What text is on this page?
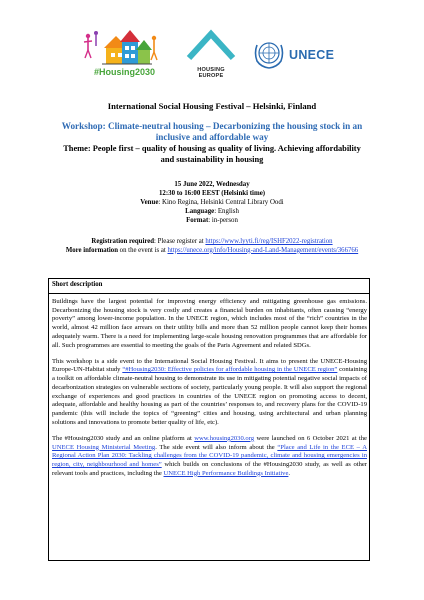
#Housing2030	HOUSING
EUROPE
UNECE
International Social Housing Festival – Helsinki, Finland
Workshop: Climate-neutral housing – Decarbonizing the housing stock in an inclusive and affordable way
Theme: People first – quality of housing as quality of living. Achieving affordability and sustainability in housing
15 June 2022, Wednesday
12:30 to 16:00 EEST (Helsinki time)
Venue: Kino Regina, Helsinki Central Library Oodi
Language: English
Format: in-person
Registration required: Please register at https://www.lyyti.fi/reg/ISHF2022-registration
More information on the event is at https://unece.org/info/Housing-and-Land-Management/events/366766
Short description

Buildings have the largest potential for improving energy efficiency and mitigating greenhouse gas emissions. Decarbonizing the housing stock is very costly and creates a financial burden on inhabitants, often causing “energy poverty” among lower-income population. In the UNECE region, which includes most of the “rich” countries in the world, almost 42 million face arrears on their utility bills and more than 52 million people cannot keep their homes adequately warm. There is a need for implementing large-scale housing renovation programmes that are affordable for all. Such programmes are essential to meeting the goals of the Paris Agreement and related SDGs.

This workshop is a side event to the International Social Housing Festival. It aims to present the UNECE-Housing Europe-UN-Habitat study “#Housing2030: Effective policies for affordable housing in the UNECE region” containing a toolkit on affordable climate-neutral housing to demonstrate its use in mitigating potential negative social impacts of decarbonization strategies on vulnerable sections of society, particularly young people. It will also support the regional exchange of experiences and good practices in countries of the UNECE region on promoting access to decent, adequate, affordable and healthy housing as part of the countries’ responses to, and recovery plans for the COVID-19 pandemic (this will include the topics of “greening” cities and housing, using architectural and urban planning solutions and innovations to promote better quality of life, etc).

The #Housing2030 study and an online platform at www.housing2030.org were launched on 6 October 2021 at the UNECE Housing Ministerial Meeting. The side event will also inform about the “Place and Life in the ECE – A Regional Action Plan 2030: Tackling challenges from the COVID-19 pandemic, climate and housing emergencies in region, city, neighbourhood and homes” which builds on conclusions of the #Housing2030 study, as well as other relevant tools and practices, including the UNECE High Performance Buildings Initiative.
